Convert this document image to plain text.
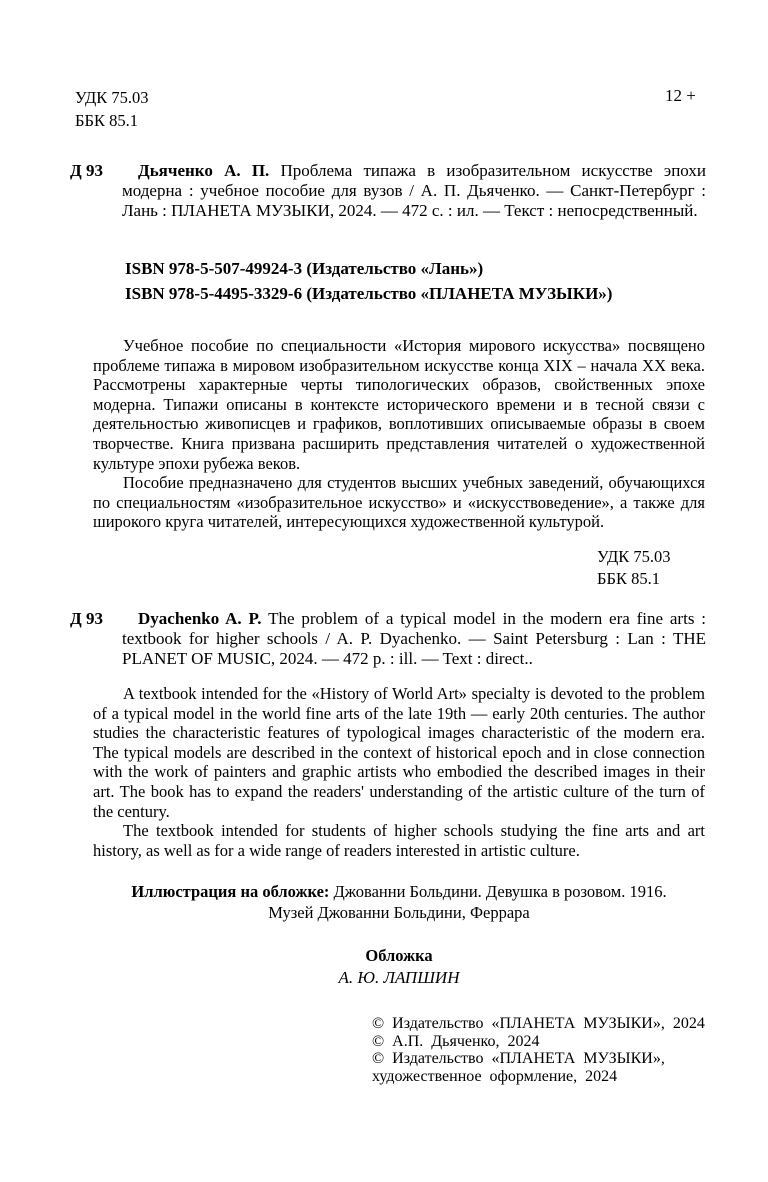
УДК 75.03
ББК 85.1
12 +
Д 93	Дьяченко А. П. Проблема типажа в изобразительном искусстве эпохи модерна : учебное пособие для вузов / А. П. Дьяченко. — Санкт-Петербург : Лань : ПЛАНЕТА МУЗЫКИ, 2024. — 472 с. : ил. — Текст : непосредственный.
ISBN 978-5-507-49924-3 (Издательство «Лань»)
ISBN 978-5-4495-3329-6 (Издательство «ПЛАНЕТА МУЗЫКИ»)

Учебное пособие по специальности «История мирового искусства» посвящено проблеме типажа в мировом изобразительном искусстве конца XIX – начала XX века. Рассмотрены характерные черты типологических образов, свойственных эпохе модерна. Типажи описаны в контексте исторического времени и в тесной связи с деятельностью живописцев и графиков, воплотивших описываемые образы в своем творчестве. Книга призвана расширить представления читателей о художественной культуре эпохи рубежа веков.

Пособие предназначено для студентов высших учебных заведений, обучающихся по специальностям «изобразительное искусство» и «искусствоведение», а также для широкого круга читателей, интересующихся художественной культурой.

УДК 75.03
ББК 85.1
Д 93	Dyachenko A. P. The problem of a typical model in the modern era fine arts : textbook for higher schools / A. P. Dyachenko. — Saint Petersburg : Lan : THE PLANET OF MUSIC, 2024. — 472 p. : ill. — Text : direct..

A textbook intended for the «History of World Art» specialty is devoted to the problem of a typical model in the world fine arts of the late 19th — early 20th centuries. The author studies the characteristic features of typological images characteristic of the modern era. The typical models are described in the context of historical epoch and in close connection with the work of painters and graphic artists who embodied the described images in their art. The book has to expand the readers' understanding of the artistic culture of the turn of the century.

The textbook intended for students of higher schools studying the fine arts and art history, as well as for a wide range of readers interested in artistic culture.

Иллюстрация на обложке: Джованни Больдини. Девушка в розовом. 1916.
Музей Джованни Больдини, Феррара
Обложка
А. Ю. ЛАПШИН
© Издательство «ПЛАНЕТА МУЗЫКИ», 2024
© А.П. Дьяченко, 2024
© Издательство «ПЛАНЕТА МУЗЫКИ»,
художественное оформление, 2024
